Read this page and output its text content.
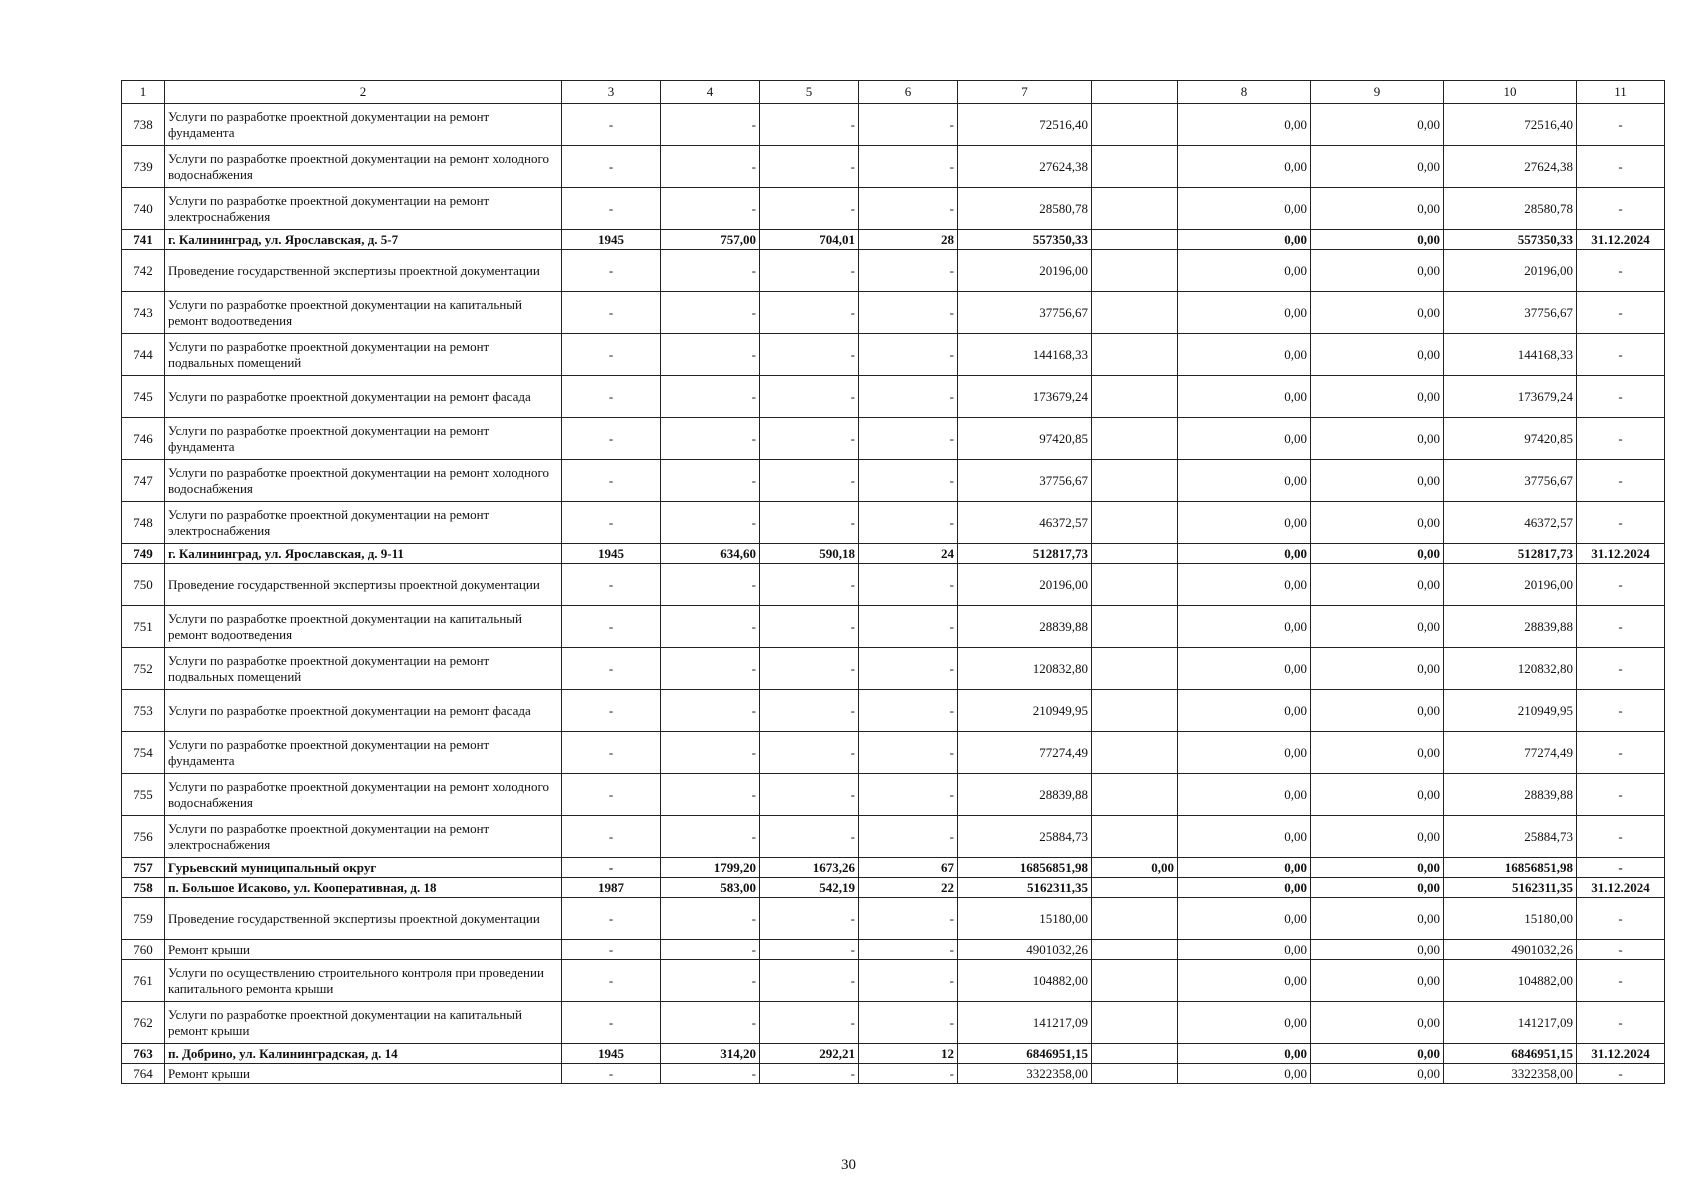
1	2	3	4	5	6	7		8	9	10	11
738	Услуги по разработке проектной документации на ремонт фундамента	-	-	-	-	72516,40		0,00	0,00	72516,40	-
739	Услуги по разработке проектной документации на ремонт холодного водоснабжения	-	-	-	-	27624,38		0,00	0,00	27624,38	-
740	Услуги по разработке проектной документации на ремонт электроснабжения	-	-	-	-	28580,78		0,00	0,00	28580,78	-
741	г. Калининград, ул. Ярославская, д. 5-7	1945	757,00	704,01	28	557350,33		0,00	0,00	557350,33	31.12.2024
742	Проведение государственной экспертизы проектной документации	-	-	-	-	20196,00		0,00	0,00	20196,00	-
743	Услуги по разработке проектной документации на капитальный ремонт водоотведения	-	-	-	-	37756,67		0,00	0,00	37756,67	-
744	Услуги по разработке проектной документации на ремонт подвальных помещений	-	-	-	-	144168,33		0,00	0,00	144168,33	-
745	Услуги по разработке проектной документации на ремонт фасада	-	-	-	-	173679,24		0,00	0,00	173679,24	-
746	Услуги по разработке проектной документации на ремонт фундамента	-	-	-	-	97420,85		0,00	0,00	97420,85	-
747	Услуги по разработке проектной документации на ремонт холодного водоснабжения	-	-	-	-	37756,67		0,00	0,00	37756,67	-
748	Услуги по разработке проектной документации на ремонт электроснабжения	-	-	-	-	46372,57		0,00	0,00	46372,57	-
749	г. Калининград, ул. Ярославская, д. 9-11	1945	634,60	590,18	24	512817,73		0,00	0,00	512817,73	31.12.2024
750	Проведение государственной экспертизы проектной документации	-	-	-	-	20196,00		0,00	0,00	20196,00	-
751	Услуги по разработке проектной документации на капитальный ремонт водоотведения	-	-	-	-	28839,88		0,00	0,00	28839,88	-
752	Услуги по разработке проектной документации на ремонт подвальных помещений	-	-	-	-	120832,80		0,00	0,00	120832,80	-
753	Услуги по разработке проектной документации на ремонт фасада	-	-	-	-	210949,95		0,00	0,00	210949,95	-
754	Услуги по разработке проектной документации на ремонт фундамента	-	-	-	-	77274,49		0,00	0,00	77274,49	-
755	Услуги по разработке проектной документации на ремонт холодного водоснабжения	-	-	-	-	28839,88		0,00	0,00	28839,88	-
756	Услуги по разработке проектной документации на ремонт электроснабжения	-	-	-	-	25884,73		0,00	0,00	25884,73	-
757	Гурьевский муниципальный округ	-	1799,20	1673,26	67	16856851,98	0,00	0,00	0,00	16856851,98	-
758	п. Большое Исаково, ул. Кооперативная, д. 18	1987	583,00	542,19	22	5162311,35		0,00	0,00	5162311,35	31.12.2024
759	Проведение государственной экспертизы проектной документации	-	-	-	-	15180,00		0,00	0,00	15180,00	-
760	Ремонт крыши	-	-	-	-	4901032,26		0,00	0,00	4901032,26	-
761	Услуги по осуществлению строительного контроля при проведении капитального ремонта крыши	-	-	-	-	104882,00		0,00	0,00	104882,00	-
762	Услуги по разработке проектной документации на капитальный ремонт крыши	-	-	-	-	141217,09		0,00	0,00	141217,09	-
763	п. Добрино, ул. Калининградская, д. 14	1945	314,20	292,21	12	6846951,15		0,00	0,00	6846951,15	31.12.2024
764	Ремонт крыши	-	-	-	-	3322358,00		0,00	0,00	3322358,00	-
30
